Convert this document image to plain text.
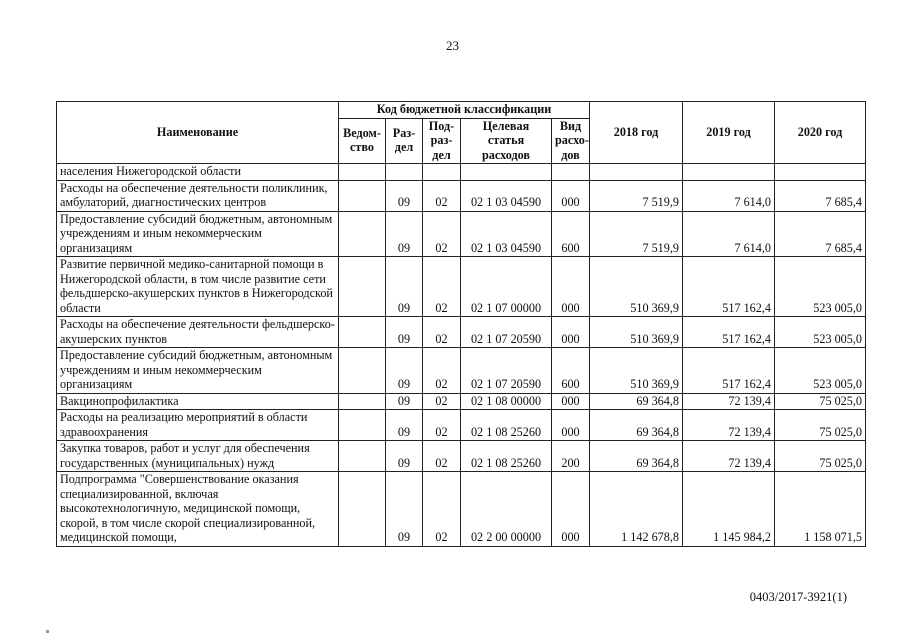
23
Наименование	Код бюджетной классификации					2018 год	2019 год	2020 год
	Ведом-ство	Раз-дел	Под-раз-дел	Целевая статья расходов	Вид расхо-дов			
населения Нижегородской области								
Расходы на обеспечение деятельности поликлиник, амбулаторий, диагностических центров		09	02	02 1 03 04590	000	7 519,9	7 614,0	7 685,4
Предоставление субсидий бюджетным, автономным учреждениям и иным некоммерческим организациям		09	02	02 1 03 04590	600	7 519,9	7 614,0	7 685,4
Развитие первичной медико-санитарной помощи в Нижегородской области, в том числе развитие сети фельдшерско-акушерских пунктов в Нижегородской области		09	02	02 1 07 00000	000	510 369,9	517 162,4	523 005,0
Расходы на обеспечение деятельности фельдшерско-акушерских пунктов		09	02	02 1 07 20590	000	510 369,9	517 162,4	523 005,0
Предоставление субсидий бюджетным, автономным учреждениям и иным некоммерческим организациям		09	02	02 1 07 20590	600	510 369,9	517 162,4	523 005,0
Вакцинопрофилактика		09	02	02 1 08 00000	000	69 364,8	72 139,4	75 025,0
Расходы на реализацию мероприятий в области здравоохранения		09	02	02 1 08 25260	000	69 364,8	72 139,4	75 025,0
Закупка товаров, работ и услуг для обеспечения государственных (муниципальных) нужд		09	02	02 1 08 25260	200	69 364,8	72 139,4	75 025,0
Подпрограмма "Совершенствование оказания специализированной, включая высокотехнологичную, медицинской помощи, скорой, в том числе скорой специализированной, медицинской помощи,		09	02	02 2 00 00000	000	1 142 678,8	1 145 984,2	1 158 071,5
0403/2017-3921(1)
